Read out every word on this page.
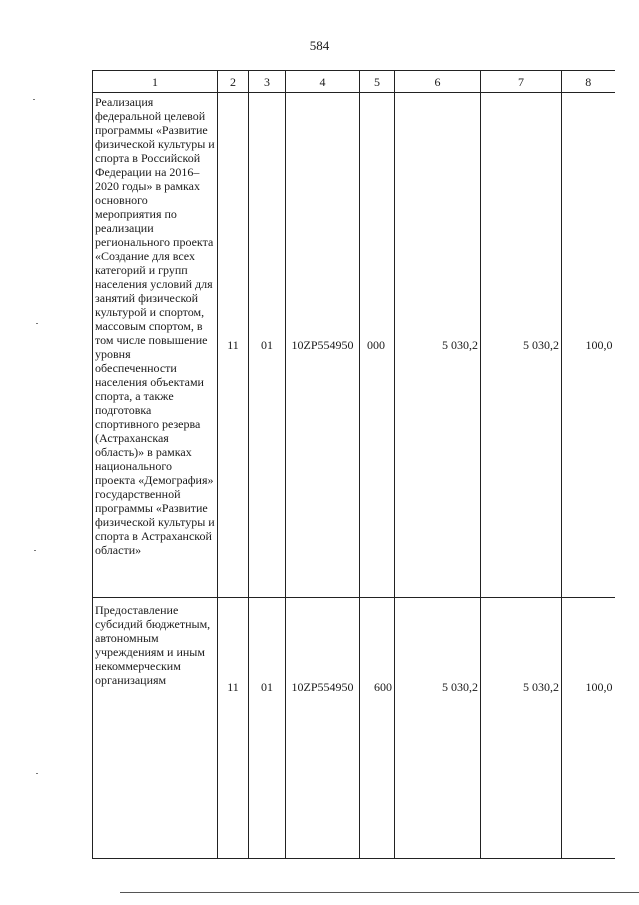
584
1	2	3	4	5	6	7	8
Реализация федеральной целевой программы «Развитие физической культуры и спорта в Российской Федерации на 2016–2020 годы» в рамках основного мероприятия по реализации регионального проекта «Создание для всех категорий и групп населения условий для занятий физической культурой и спортом, массовым спортом, в том числе повышение уровня обеспеченности населения объектами спорта, а также подготовка спортивного резерва (Астраханская область)» в рамках национального проекта «Демография» государственной программы «Развитие физической культуры и спорта в Астраханской области»	11	01	10ZP554950	000	5 030,2	5 030,2	100,0
Предоставление субсидий бюджетным, автономным учреждениям и иным некоммерческим организациям	11	01	10ZP554950	600	5 030,2	5 030,2	100,0
